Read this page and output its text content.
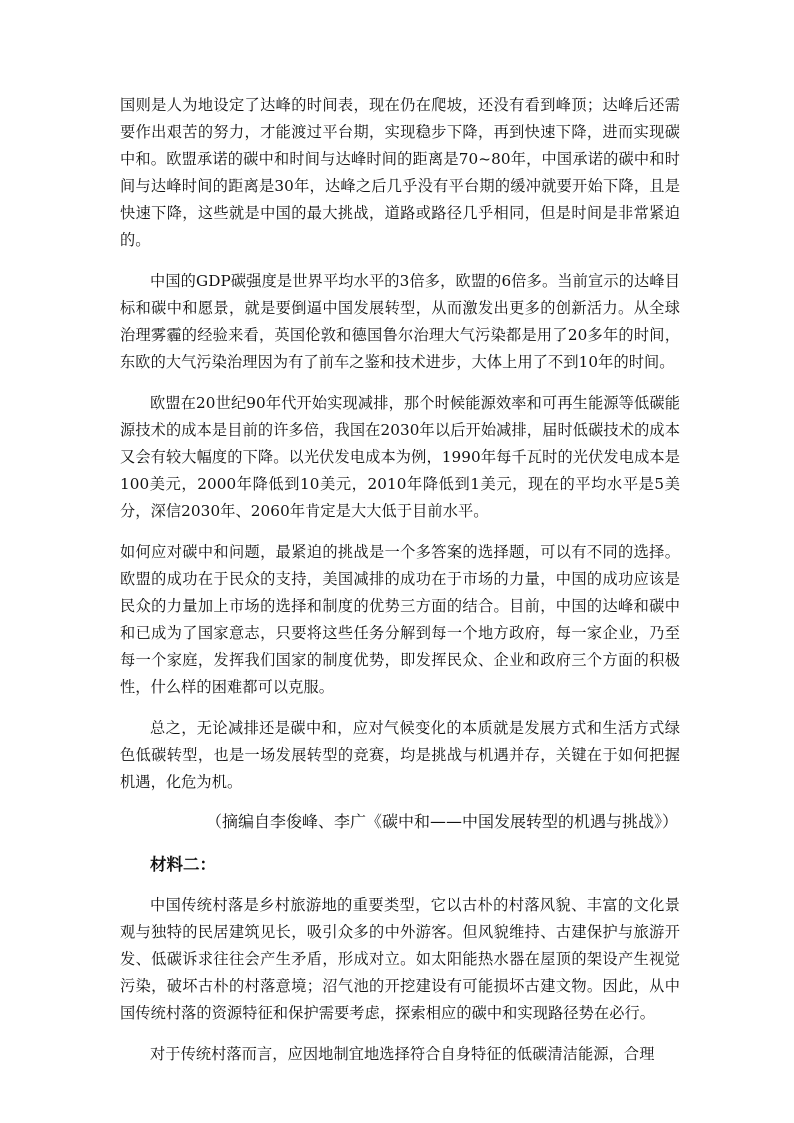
国则是人为地设定了达峰的时间表，现在仍在爬坡，还没有看到峰顶；达峰后还需要作出艰苦的努力，才能渡过平台期，实现稳步下降，再到快速下降，进而实现碳中和。欧盟承诺的碳中和时间与达峰时间的距离是70~80年，中国承诺的碳中和时间与达峰时间的距离是30年，达峰之后几乎没有平台期的缓冲就要开始下降，且是快速下降，这些就是中国的最大挑战，道路或路径几乎相同，但是时间是非常紧迫的。

中国的GDP碳强度是世界平均水平的3倍多，欧盟的6倍多。当前宣示的达峰目标和碳中和愿景，就是要倒逼中国发展转型，从而激发出更多的创新活力。从全球治理雾霾的经验来看，英国伦敦和德国鲁尔治理大气污染都是用了20多年的时间，东欧的大气污染治理因为有了前车之鉴和技术进步，大体上用了不到10年的时间。

欧盟在20世纪90年代开始实现减排，那个时候能源效率和可再生能源等低碳能源技术的成本是目前的许多倍，我国在2030年以后开始减排，届时低碳技术的成本又会有较大幅度的下降。以光伏发电成本为例，1990年每千瓦时的光伏发电成本是100美元，2000年降低到10美元，2010年降低到1美元，现在的平均水平是5美分，深信2030年、2060年肯定是大大低于目前水平。

如何应对碳中和问题，最紧迫的挑战是一个多答案的选择题，可以有不同的选择。欧盟的成功在于民众的支持，美国减排的成功在于市场的力量，中国的成功应该是民众的力量加上市场的选择和制度的优势三方面的结合。目前，中国的达峰和碳中和已成为了国家意志，只要将这些任务分解到每一个地方政府，每一家企业，乃至每一个家庭，发挥我们国家的制度优势，即发挥民众、企业和政府三个方面的积极性，什么样的困难都可以克服。

总之，无论减排还是碳中和，应对气候变化的本质就是发展方式和生活方式绿色低碳转型，也是一场发展转型的竞赛，均是挑战与机遇并存，关键在于如何把握机遇，化危为机。

（摘编自李俊峰、李广《碳中和——中国发展转型的机遇与挑战》）

材料二：

中国传统村落是乡村旅游地的重要类型，它以古朴的村落风貌、丰富的文化景观与独特的民居建筑见长，吸引众多的中外游客。但风貌维持、古建保护与旅游开发、低碳诉求往往会产生矛盾，形成对立。如太阳能热水器在屋顶的架设产生视觉污染，破坏古朴的村落意境；沼气池的开挖建设有可能损坏古建文物。因此，从中国传统村落的资源特征和保护需要考虑，探索相应的碳中和实现路径势在必行。

对于传统村落而言，应因地制宜地选择符合自身特征的低碳清洁能源，合理
